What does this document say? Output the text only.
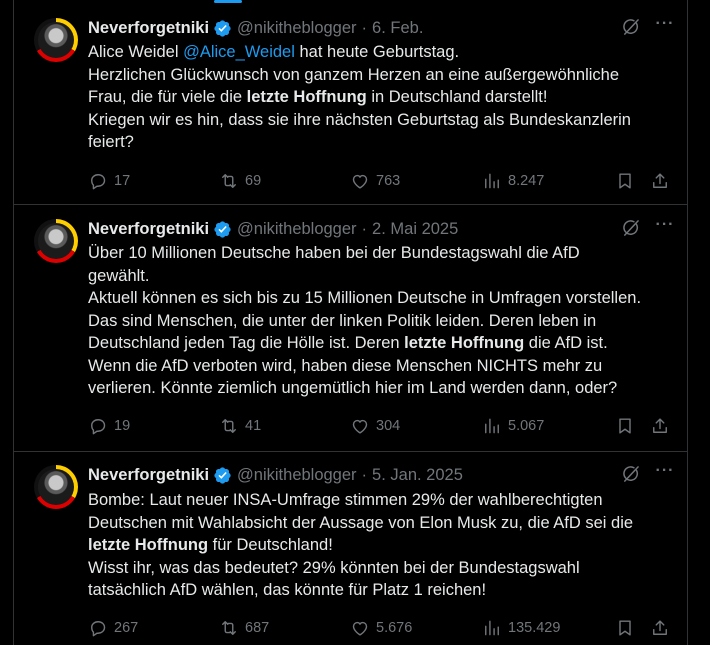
Neverforgetniki @nikitheblogger · 6. Feb.	···
Alice Weidel @Alice_Weidel hat heute Geburtstag.
Herzlichen Glückwunsch von ganzem Herzen an eine außergewöhnliche
Frau, die für viele die letzte Hoffnung in Deutschland darstellt!
Kriegen wir es hin, dass sie ihre nächsten Geburtstag als Bundeskanzlerin
feiert?
17	69	763	8.247
Neverforgetniki @nikitheblogger · 2. Mai 2025	···
Über 10 Millionen Deutsche haben bei der Bundestagswahl die AfD
gewählt.
Aktuell können es sich bis zu 15 Millionen Deutsche in Umfragen vorstellen.
Das sind Menschen, die unter der linken Politik leiden. Deren leben in
Deutschland jeden Tag die Hölle ist. Deren letzte Hoffnung die AfD ist.
Wenn die AfD verboten wird, haben diese Menschen NICHTS mehr zu
verlieren. Könnte ziemlich ungemütlich hier im Land werden dann, oder?
19	41	304	5.067
Neverforgetniki @nikitheblogger · 5. Jan. 2025	···
Bombe: Laut neuer INSA-Umfrage stimmen 29% der wahlberechtigten
Deutschen mit Wahlabsicht der Aussage von Elon Musk zu, die AfD sei die
letzte Hoffnung für Deutschland!
Wisst ihr, was das bedeutet? 29% könnten bei der Bundestagswahl
tatsächlich AfD wählen, das könnte für Platz 1 reichen!
267	687	5.676	135.429
